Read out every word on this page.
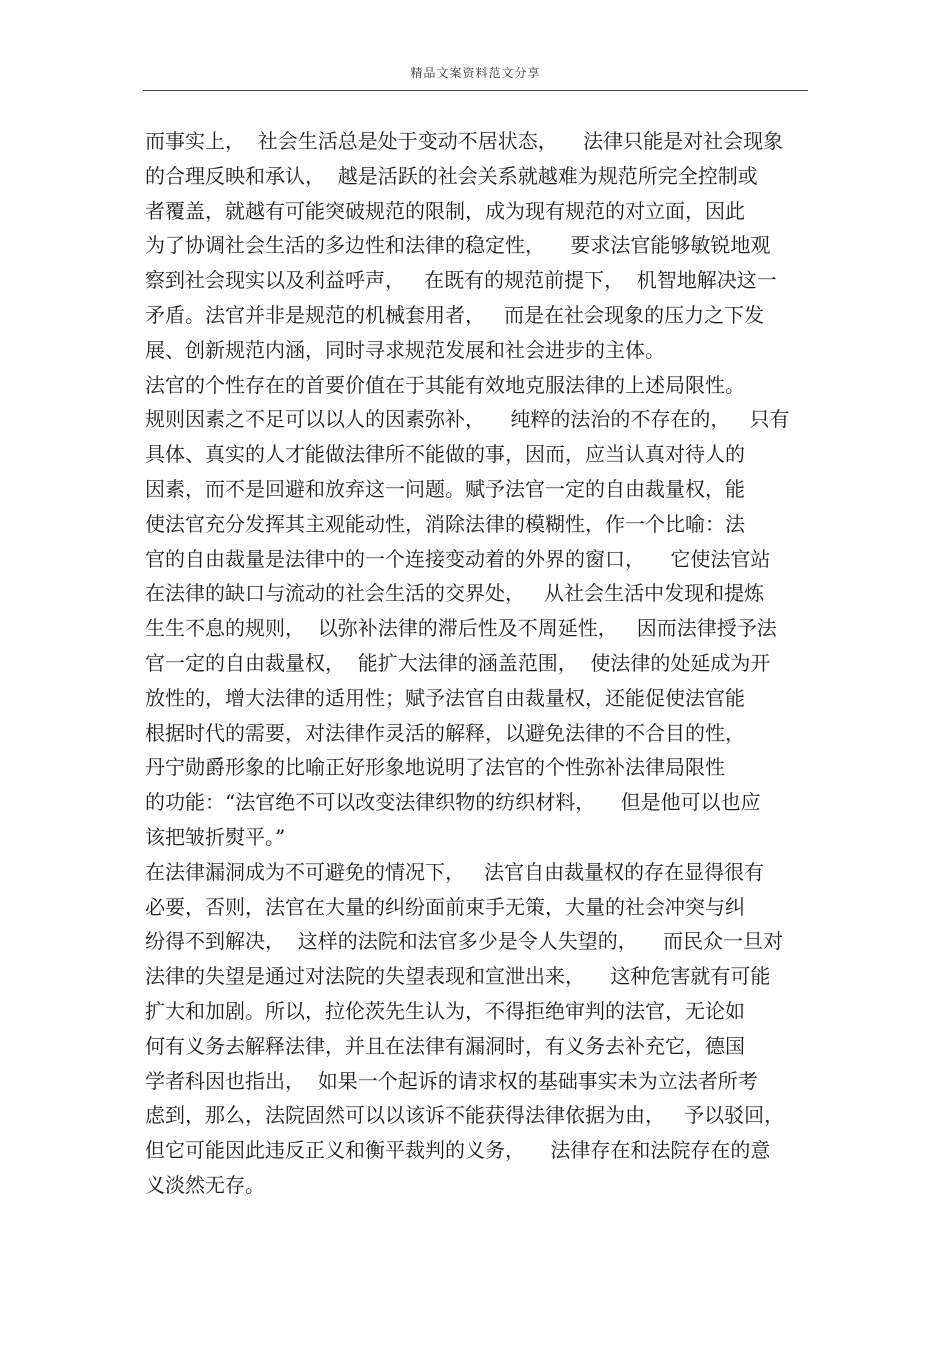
精品文案资料范文分享
而事实上，  社会生活总是处于变动不居状态，    法律只能是对社会现象
的合理反映和承认，  越是活跃的社会关系就越难为规范所完全控制或
者覆盖，就越有可能突破规范的限制，成为现有规范的对立面，因此
为了协调社会生活的多边性和法律的稳定性，    要求法官能够敏锐地观
察到社会现实以及利益呼声，   在既有的规范前提下，  机智地解决这一
矛盾。法官并非是规范的机械套用者，   而是在社会现象的压力之下发
展、创新规范内涵，同时寻求规范发展和社会进步的主体。
法官的个性存在的首要价值在于其能有效地克服法律的上述局限性。
规则因素之不足可以以人的因素弥补，    纯粹的法治的不存在的，   只有
具体、真实的人才能做法律所不能做的事，因而，应当认真对待人的
因素，而不是回避和放弃这一问题。赋予法官一定的自由裁量权，能
使法官充分发挥其主观能动性，消除法律的模糊性，作一个比喻：法
官的自由裁量是法律中的一个连接变动着的外界的窗口，    它使法官站
在法律的缺口与流动的社会生活的交界处，   从社会生活中发现和提炼
生生不息的规则，  以弥补法律的滞后性及不周延性，   因而法律授予法
官一定的自由裁量权，  能扩大法律的涵盖范围，  使法律的处延成为开
放性的，增大法律的适用性；赋予法官自由裁量权，还能促使法官能
根据时代的需要，对法律作灵活的解释，以避免法律的不合目的性，
丹宁勋爵形象的比喻正好形象地说明了法官的个性弥补法律局限性
的功能：“法官绝不可以改变法律织物的纺织材料，    但是他可以也应
该把皱折熨平。”
在法律漏洞成为不可避免的情况下，   法官自由裁量权的存在显得很有
必要，否则，法官在大量的纠纷面前束手无策，大量的社会冲突与纠
纷得不到解决，  这样的法院和法官多少是令人失望的，    而民众一旦对
法律的失望是通过对法院的失望表现和宣泄出来，    这种危害就有可能
扩大和加剧。所以，拉伦茨先生认为，不得拒绝审判的法官，无论如
何有义务去解释法律，并且在法律有漏洞时，有义务去补充它，德国
学者科因也指出，  如果一个起诉的请求权的基础事实未为立法者所考
虑到，那么，法院固然可以以该诉不能获得法律依据为由，   予以驳回，
但它可能因此违反正义和衡平裁判的义务，    法律存在和法院存在的意
义淡然无存。
